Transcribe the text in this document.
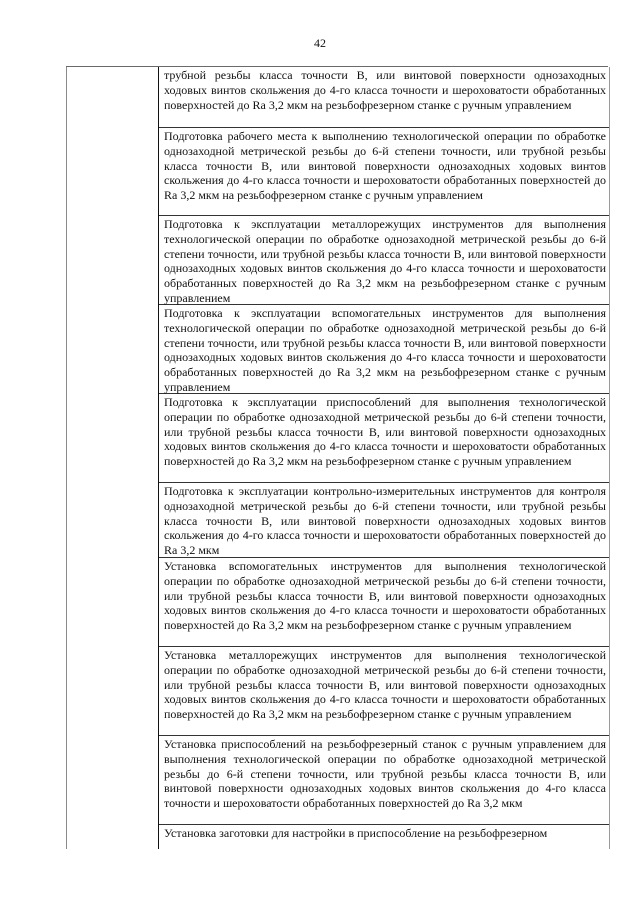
42
трубной резьбы класса точности B, или винтовой поверхности однозаходных ходовых винтов скольжения до 4-го класса точности и шероховатости обработанных поверхностей до Ra 3,2 мкм на резьбофрезерном станке с ручным управлением
Подготовка рабочего места к выполнению технологической операции по обработке однозаходной метрической резьбы до 6-й степени точности, или трубной резьбы класса точности B, или винтовой поверхности однозаходных ходовых винтов скольжения до 4-го класса точности и шероховатости обработанных поверхностей до Ra 3,2 мкм на резьбофрезерном станке с ручным управлением
Подготовка к эксплуатации металлорежущих инструментов для выполнения технологической операции по обработке однозаходной метрической резьбы до 6-й степени точности, или трубной резьбы класса точности B, или винтовой поверхности однозаходных ходовых винтов скольжения до 4-го класса точности и шероховатости обработанных поверхностей до Ra 3,2 мкм на резьбофрезерном станке с ручным управлением
Подготовка к эксплуатации вспомогательных инструментов для выполнения технологической операции по обработке однозаходной метрической резьбы до 6-й степени точности, или трубной резьбы класса точности B, или винтовой поверхности однозаходных ходовых винтов скольжения до 4-го класса точности и шероховатости обработанных поверхностей до Ra 3,2 мкм на резьбофрезерном станке с ручным управлением
Подготовка к эксплуатации приспособлений для выполнения технологической операции по обработке однозаходной метрической резьбы до 6-й степени точности, или трубной резьбы класса точности B, или винтовой поверхности однозаходных ходовых винтов скольжения до 4-го класса точности и шероховатости обработанных поверхностей до Ra 3,2 мкм на резьбофрезерном станке с ручным управлением
Подготовка к эксплуатации контрольно-измерительных инструментов для контроля однозаходной метрической резьбы до 6-й степени точности, или трубной резьбы класса точности B, или винтовой поверхности однозаходных ходовых винтов скольжения до 4-го класса точности и шероховатости обработанных поверхностей до Ra 3,2 мкм
Установка вспомогательных инструментов для выполнения технологической операции по обработке однозаходной метрической резьбы до 6-й степени точности, или трубной резьбы класса точности B, или винтовой поверхности однозаходных ходовых винтов скольжения до 4-го класса точности и шероховатости обработанных поверхностей до Ra 3,2 мкм на резьбофрезерном станке с ручным управлением
Установка металлорежущих инструментов для выполнения технологической операции по обработке однозаходной метрической резьбы до 6-й степени точности, или трубной резьбы класса точности B, или винтовой поверхности однозаходных ходовых винтов скольжения до 4-го класса точности и шероховатости обработанных поверхностей до Ra 3,2 мкм на резьбофрезерном станке с ручным управлением
Установка приспособлений на резьбофрезерный станок с ручным управлением для выполнения технологической операции по обработке однозаходной метрической резьбы до 6-й степени точности, или трубной резьбы класса точности B, или винтовой поверхности однозаходных ходовых винтов скольжения до 4-го класса точности и шероховатости обработанных поверхностей до Ra 3,2 мкм
Установка заготовки для настройки в приспособление на резьбофрезерном
